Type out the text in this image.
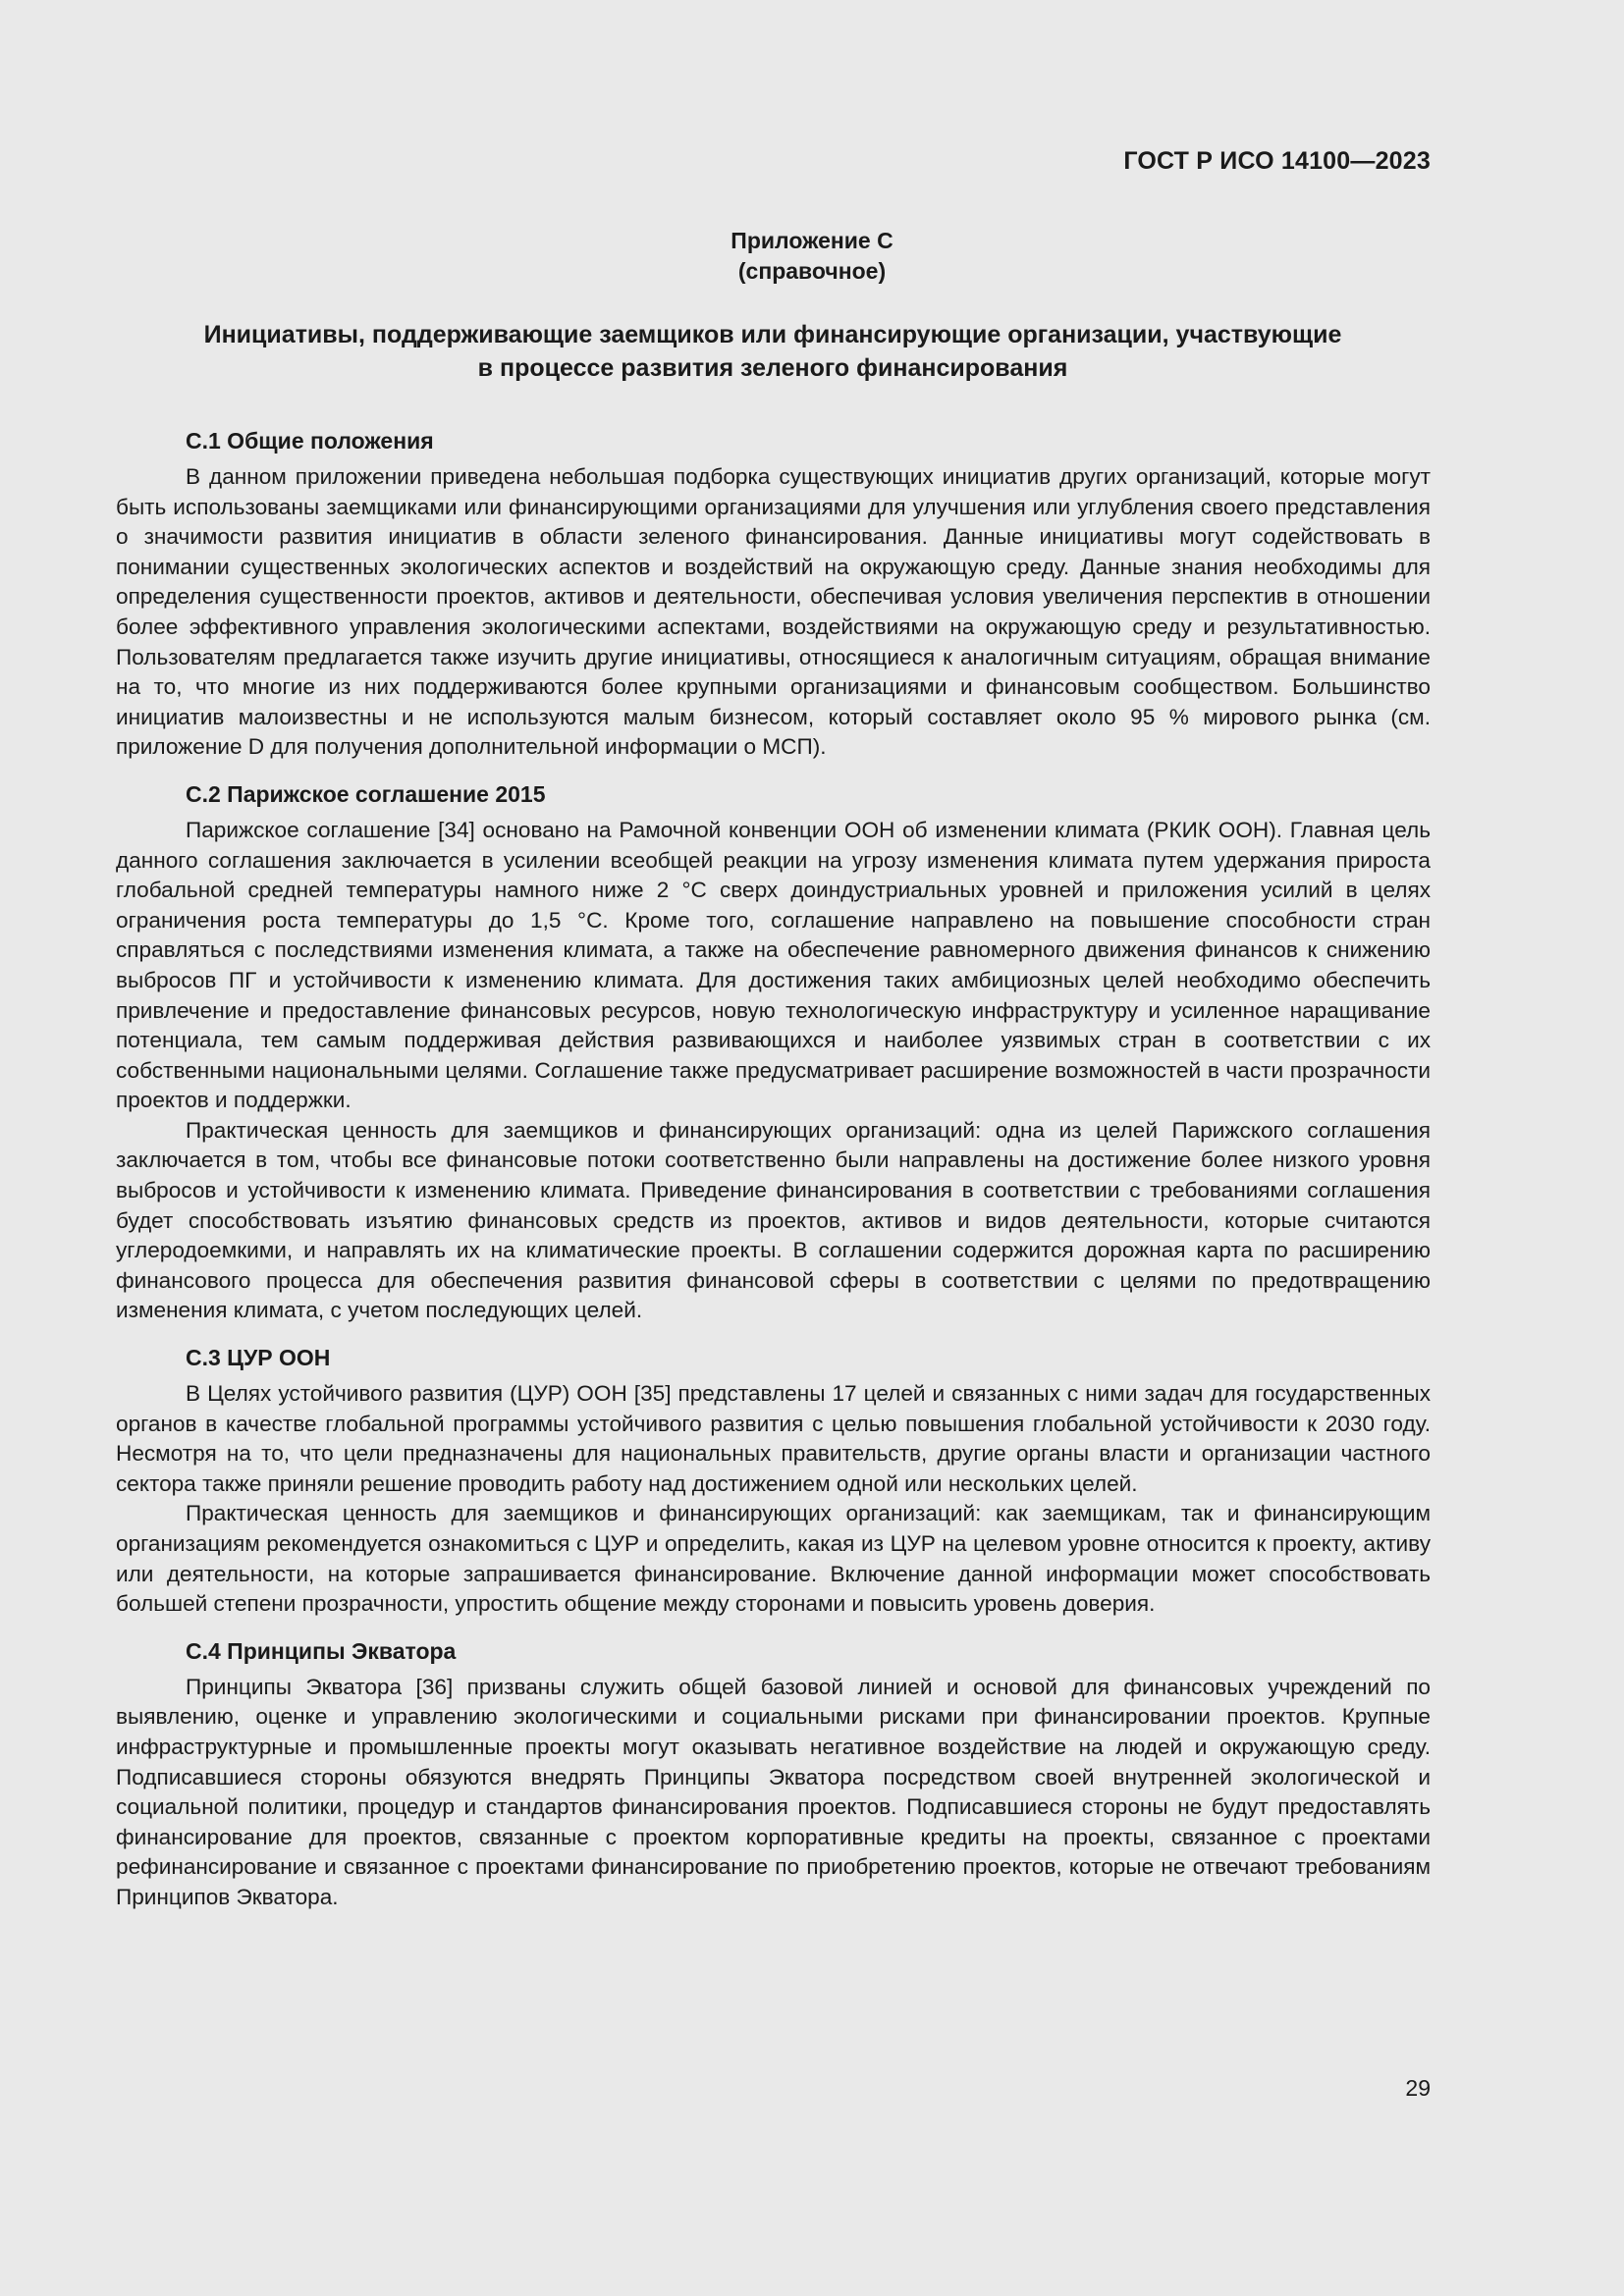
ГОСТ Р ИСО 14100—2023
Приложение С
(справочное)
Инициативы, поддерживающие заемщиков или финансирующие организации, участвующие
в процессе развития зеленого финансирования
С.1 Общие положения

В данном приложении приведена небольшая подборка существующих инициатив других организаций, которые могут быть использованы заемщиками или финансирующими организациями для улучшения или углубления своего представления о значимости развития инициатив в области зеленого финансирования. Данные инициативы могут содействовать в понимании существенных экологических аспектов и воздействий на окружающую среду. Данные знания необходимы для определения существенности проектов, активов и деятельности, обеспечивая условия увеличения перспектив в отношении более эффективного управления экологическими аспектами, воздействиями на окружающую среду и результативностью. Пользователям предлагается также изучить другие инициативы, относящиеся к аналогичным ситуациям, обращая внимание на то, что многие из них поддерживаются более крупными организациями и финансовым сообществом. Большинство инициатив малоизвестны и не используются малым бизнесом, который составляет около 95 % мирового рынка (см. приложение D для получения дополнительной информации о МСП).

С.2 Парижское соглашение 2015

Парижское соглашение [34] основано на Рамочной конвенции ООН об изменении климата (РКИК ООН). Главная цель данного соглашения заключается в усилении всеобщей реакции на угрозу изменения климата путем удержания прироста глобальной средней температуры намного ниже 2 °С сверх доиндустриальных уровней и приложения усилий в целях ограничения роста температуры до 1,5 °С. Кроме того, соглашение направлено на повышение способности стран справляться с последствиями изменения климата, а также на обеспечение равномерного движения финансов к снижению выбросов ПГ и устойчивости к изменению климата. Для достижения таких амбициозных целей необходимо обеспечить привлечение и предоставление финансовых ресурсов, новую технологическую инфраструктуру и усиленное наращивание потенциала, тем самым поддерживая действия развивающихся и наиболее уязвимых стран в соответствии с их собственными национальными целями. Соглашение также предусматривает расширение возможностей в части прозрачности проектов и поддержки.

Практическая ценность для заемщиков и финансирующих организаций: одна из целей Парижского соглашения заключается в том, чтобы все финансовые потоки соответственно были направлены на достижение более низкого уровня выбросов и устойчивости к изменению климата. Приведение финансирования в соответствии с требованиями соглашения будет способствовать изъятию финансовых средств из проектов, активов и видов деятельности, которые считаются углеродоемкими, и направлять их на климатические проекты. В соглашении содержится дорожная карта по расширению финансового процесса для обеспечения развития финансовой сферы в соответствии с целями по предотвращению изменения климата, с учетом последующих целей.

С.3 ЦУР ООН

В Целях устойчивого развития (ЦУР) ООН [35] представлены 17 целей и связанных с ними задач для государственных органов в качестве глобальной программы устойчивого развития с целью повышения глобальной устойчивости к 2030 году. Несмотря на то, что цели предназначены для национальных правительств, другие органы власти и организации частного сектора также приняли решение проводить работу над достижением одной или нескольких целей.

Практическая ценность для заемщиков и финансирующих организаций: как заемщикам, так и финансирующим организациям рекомендуется ознакомиться с ЦУР и определить, какая из ЦУР на целевом уровне относится к проекту, активу или деятельности, на которые запрашивается финансирование. Включение данной информации может способствовать большей степени прозрачности, упростить общение между сторонами и повысить уровень доверия.

С.4 Принципы Экватора

Принципы Экватора [36] призваны служить общей базовой линией и основой для финансовых учреждений по выявлению, оценке и управлению экологическими и социальными рисками при финансировании проектов. Крупные инфраструктурные и промышленные проекты могут оказывать негативное воздействие на людей и окружающую среду. Подписавшиеся стороны обязуются внедрять Принципы Экватора посредством своей внутренней экологической и социальной политики, процедур и стандартов финансирования проектов. Подписавшиеся стороны не будут предоставлять финансирование для проектов, связанные с проектом корпоративные кредиты на проекты, связанное с проектами рефинансирование и связанное с проектами финансирование по приобретению проектов, которые не отвечают требованиям Принципов Экватора.

29
